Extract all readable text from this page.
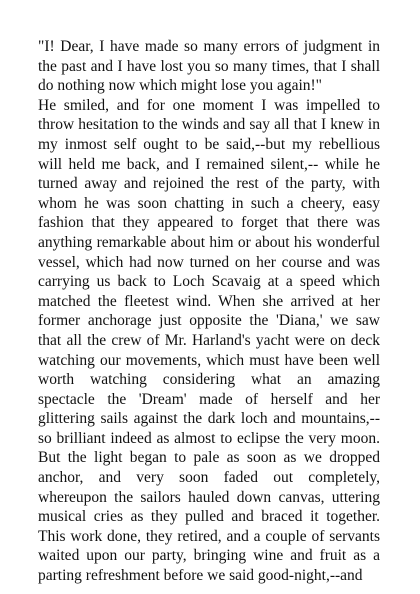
"I! Dear, I have made so many errors of judgment in the past and I have lost you so many times, that I shall do nothing now which might lose you again!"

He smiled, and for one moment I was impelled to throw hesitation to the winds and say all that I knew in my inmost self ought to be said,--but my rebellious will held me back, and I remained silent,-- while he turned away and rejoined the rest of the party, with whom he was soon chatting in such a cheery, easy fashion that they appeared to forget that there was anything remarkable about him or about his wonderful vessel, which had now turned on her course and was carrying us back to Loch Scavaig at a speed which matched the fleetest wind. When she arrived at her former anchorage just opposite the 'Diana,' we saw that all the crew of Mr. Harland's yacht were on deck watching our movements, which must have been well worth watching considering what an amazing spectacle the 'Dream' made of herself and her glittering sails against the dark loch and mountains,--so brilliant indeed as almost to eclipse the very moon. But the light began to pale as soon as we dropped anchor, and very soon faded out completely, whereupon the sailors hauled down canvas, uttering musical cries as they pulled and braced it together. This work done, they retired, and a couple of servants waited upon our party, bringing wine and fruit as a parting refreshment before we said good-night,--and
